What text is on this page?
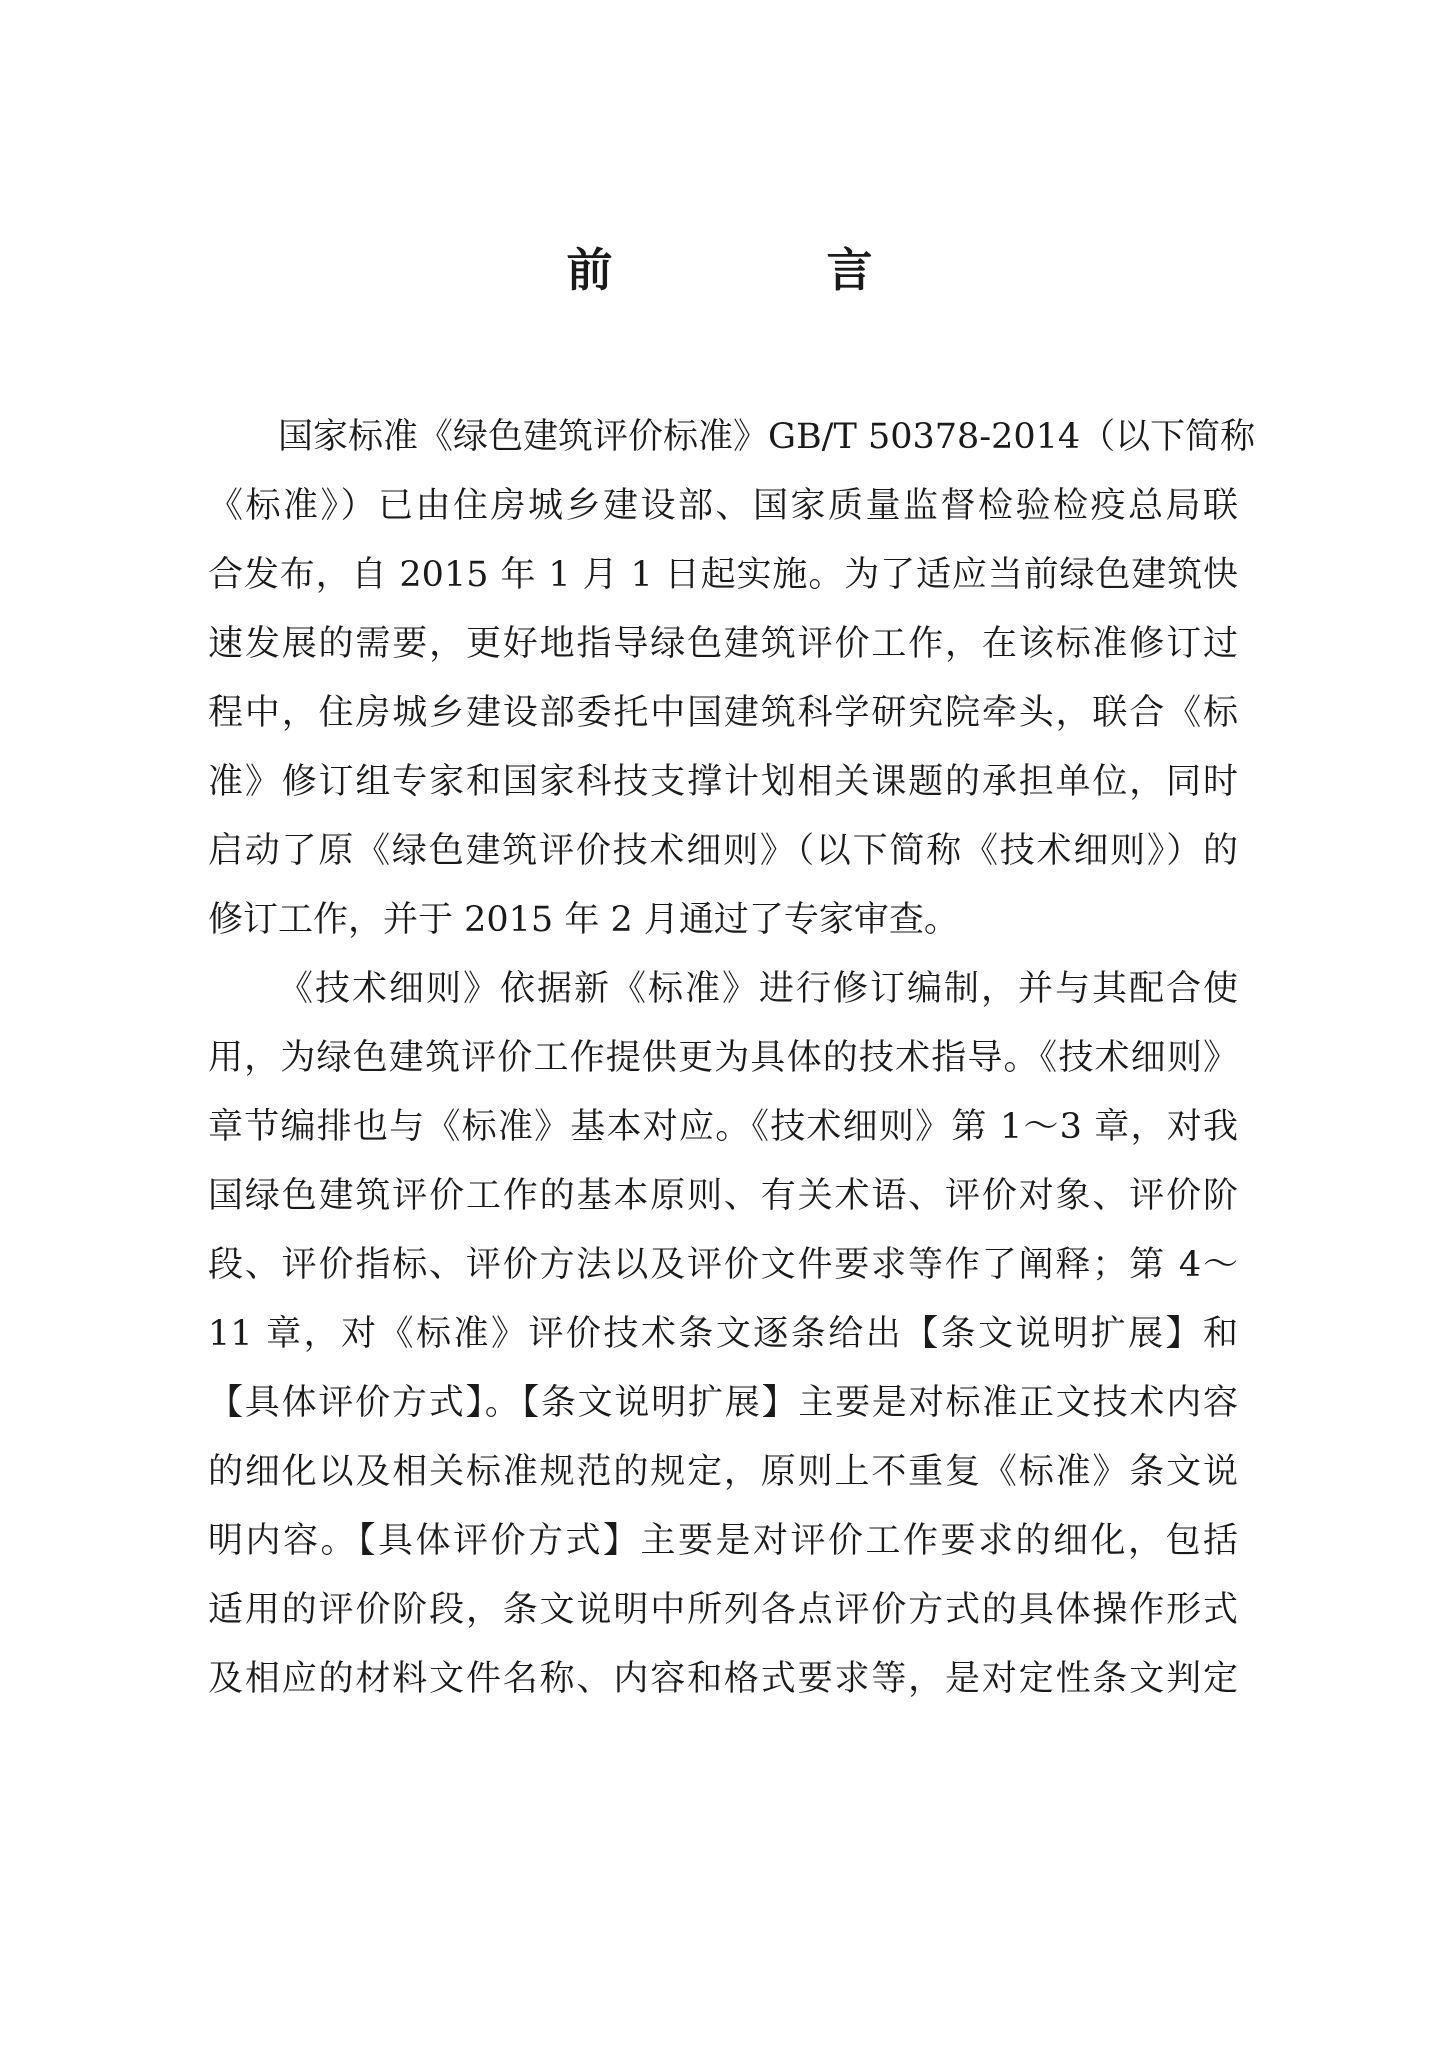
前　言
国家标准《绿色建筑评价标准》GB/T 50378-2014（以下简称
《标准》）已由住房城乡建设部、国家质量监督检验检疫总局联
合发布，自 2015 年 1 月 1 日起实施。为了适应当前绿色建筑快
速发展的需要，更好地指导绿色建筑评价工作，在该标准修订过
程中，住房城乡建设部委托中国建筑科学研究院牵头，联合《标
准》修订组专家和国家科技支撑计划相关课题的承担单位，同时
启动了原《绿色建筑评价技术细则》（以下简称《技术细则》）的
修订工作，并于 2015 年 2 月通过了专家审查。
《技术细则》依据新《标准》进行修订编制，并与其配合使
用，为绿色建筑评价工作提供更为具体的技术指导。《技术细则》
章节编排也与《标准》基本对应。《技术细则》第 1～3 章，对我
国绿色建筑评价工作的基本原则、有关术语、评价对象、评价阶
段、评价指标、评价方法以及评价文件要求等作了阐释；第 4～
11 章，对《标准》评价技术条文逐条给出【条文说明扩展】和
【具体评价方式】。【条文说明扩展】主要是对标准正文技术内容
的细化以及相关标准规范的规定，原则上不重复《标准》条文说
明内容。【具体评价方式】主要是对评价工作要求的细化，包括
适用的评价阶段，条文说明中所列各点评价方式的具体操作形式
及相应的材料文件名称、内容和格式要求等，是对定性条文判定
